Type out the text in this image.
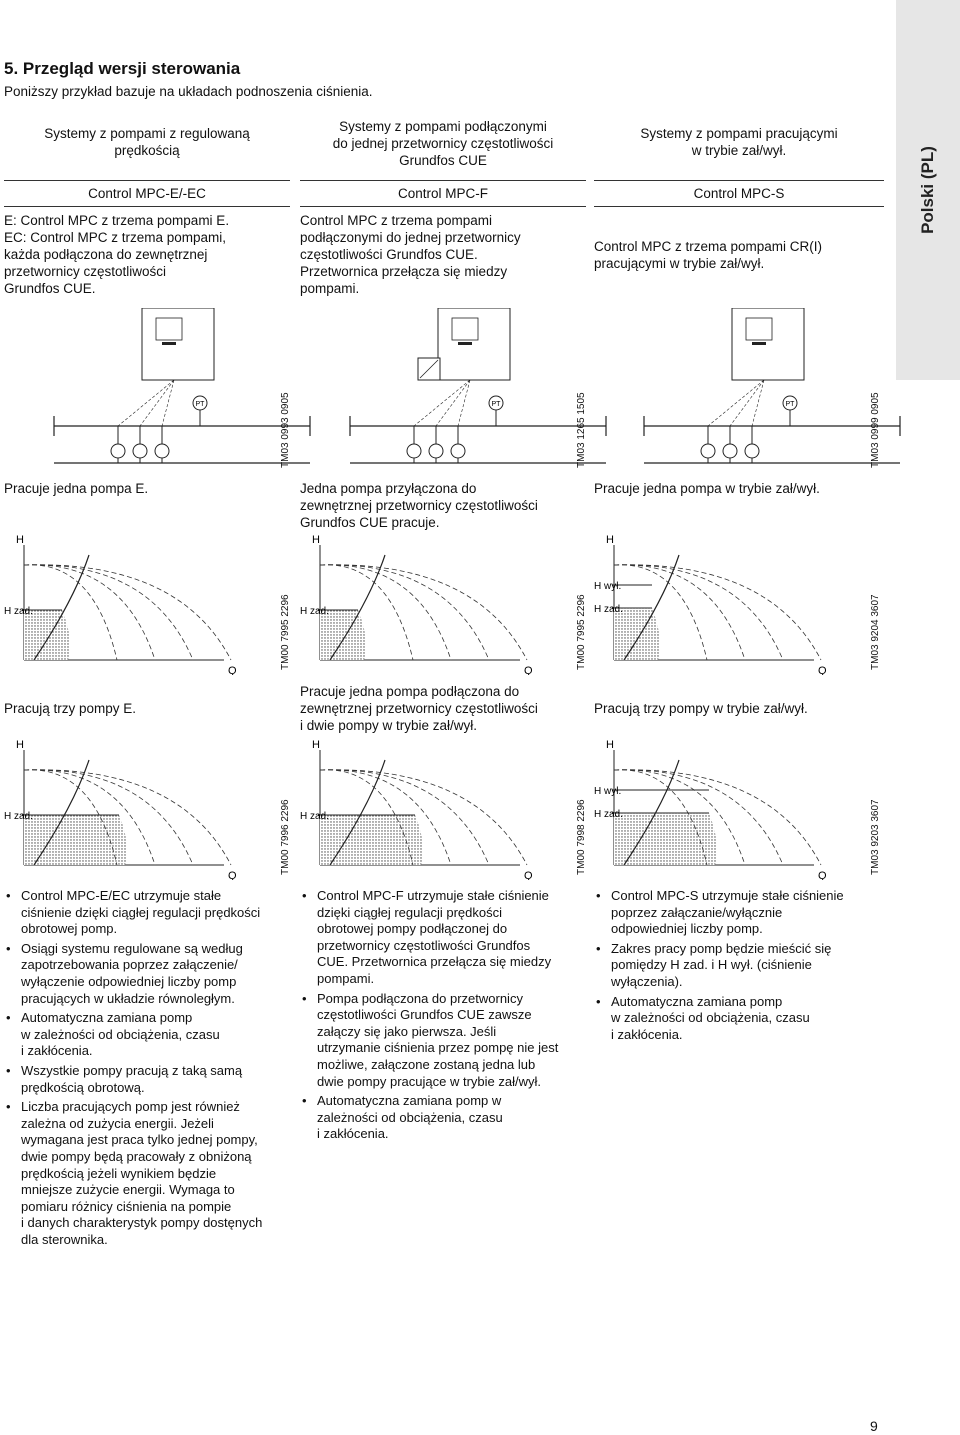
Polski (PL)
5. Przegląd wersji sterowania
Poniższy przykład bazuje na układach podnoszenia ciśnienia.
Systemy z pompami z regulowaną
prędkością
Control MPC-E/-EC
E: Control MPC z trzema pompami E.
EC: Control MPC z trzema pompami,
każda podłączona do zewnętrznej
przetwornicy częstotliwości
Grundfos CUE.
PT	TM03 0993 0905
Pracuje jedna pompa E.
H
Q
H zad.	TM00 7995 2296
Pracują trzy pompy E.
H
Q
H zad.	TM00 7996 2296
• Control MPC-E/EC utrzymuje stałe
ciśnienie dzięki ciągłej regulacji prędkości
obrotowej pomp.
• Osiągi systemu regulowane są według
zapotrzebowania poprzez załączenie/
wyłączenie odpowiedniej liczby pomp
pracujących w układzie równoległym.
• Automatyczna zamiana pomp
w zależności od obciążenia, czasu
i zakłócenia.
• Wszystkie pompy pracują z taką samą
prędkością obrotową.
• Liczba pracujących pomp jest również
zależna od zużycia energii. Jeżeli
wymagana jest praca tylko jednej pompy,
dwie pompy będą pracowały z obniżoną
prędkością jeżeli wynikiem będzie
mniejsze zużycie energii. Wymaga to
pomiaru różnicy ciśnienia na pompie
i danych charakterystyk pompy dostęnych
dla sterownika.
Systemy z pompami podłączonymi
do jednej przetwornicy częstotliwości
Grundfos CUE
Control MPC-F
Control MPC z trzema pompami
podłączonymi do jednej przetwornicy
częstotliwości Grundfos CUE.
Przetwornica przełącza się miedzy
pompami.
PT	TM03 1265 1505
Jedna pompa przyłączona do
zewnętrznej przetwornicy częstotliwości
Grundfos CUE pracuje.
H
Q
H zad.	TM00 7995 2296
Pracuje jedna pompa podłączona do
zewnętrznej przetwornicy częstotliwości
i dwie pompy w trybie zał/wył.
H
Q
H zad.	TM00 7998 2296
• Control MPC-F utrzymuje stałe ciśnienie
dzięki ciągłej regulacji prędkości
obrotowej pompy podłączonej do
przetwornicy częstotliwości Grundfos
CUE. Przetwornica przełącza się miedzy
pompami.
• Pompa podłączona do przetwornicy
częstotliwości Grundfos CUE zawsze
załączy się jako pierwsza. Jeśli
utrzymanie ciśnienia przez pompę nie jest
możliwe, załączone zostaną jedna lub
dwie pompy pracujące w trybie zał/wył.
• Automatyczna zamiana pomp w
zależności od obciążenia, czasu
i zakłócenia.
Systemy z pompami pracującymi
w trybie zał/wył.
Control MPC-S
Control MPC z trzema pompami CR(I)
pracującymi w trybie zał/wył.
PT	TM03 0999 0905
Pracuje jedna pompa w trybie zał/wył.
H
Q
H zad.
H wył.
TM03 9204 3607
Pracują trzy pompy w trybie zał/wył.
H
Q
H zad.
H wył.
TM03 9203 3607
• Control MPC-S utrzymuje stałe ciśnienie
poprzez załączanie/wyłącznie
odpowiedniej liczby pomp.
• Zakres pracy pomp będzie mieścić się
pomiędzy H zad. i H wył. (ciśnienie
wyłączenia).
• Automatyczna zamiana pomp
w zależności od obciążenia, czasu
i zakłócenia.
9
